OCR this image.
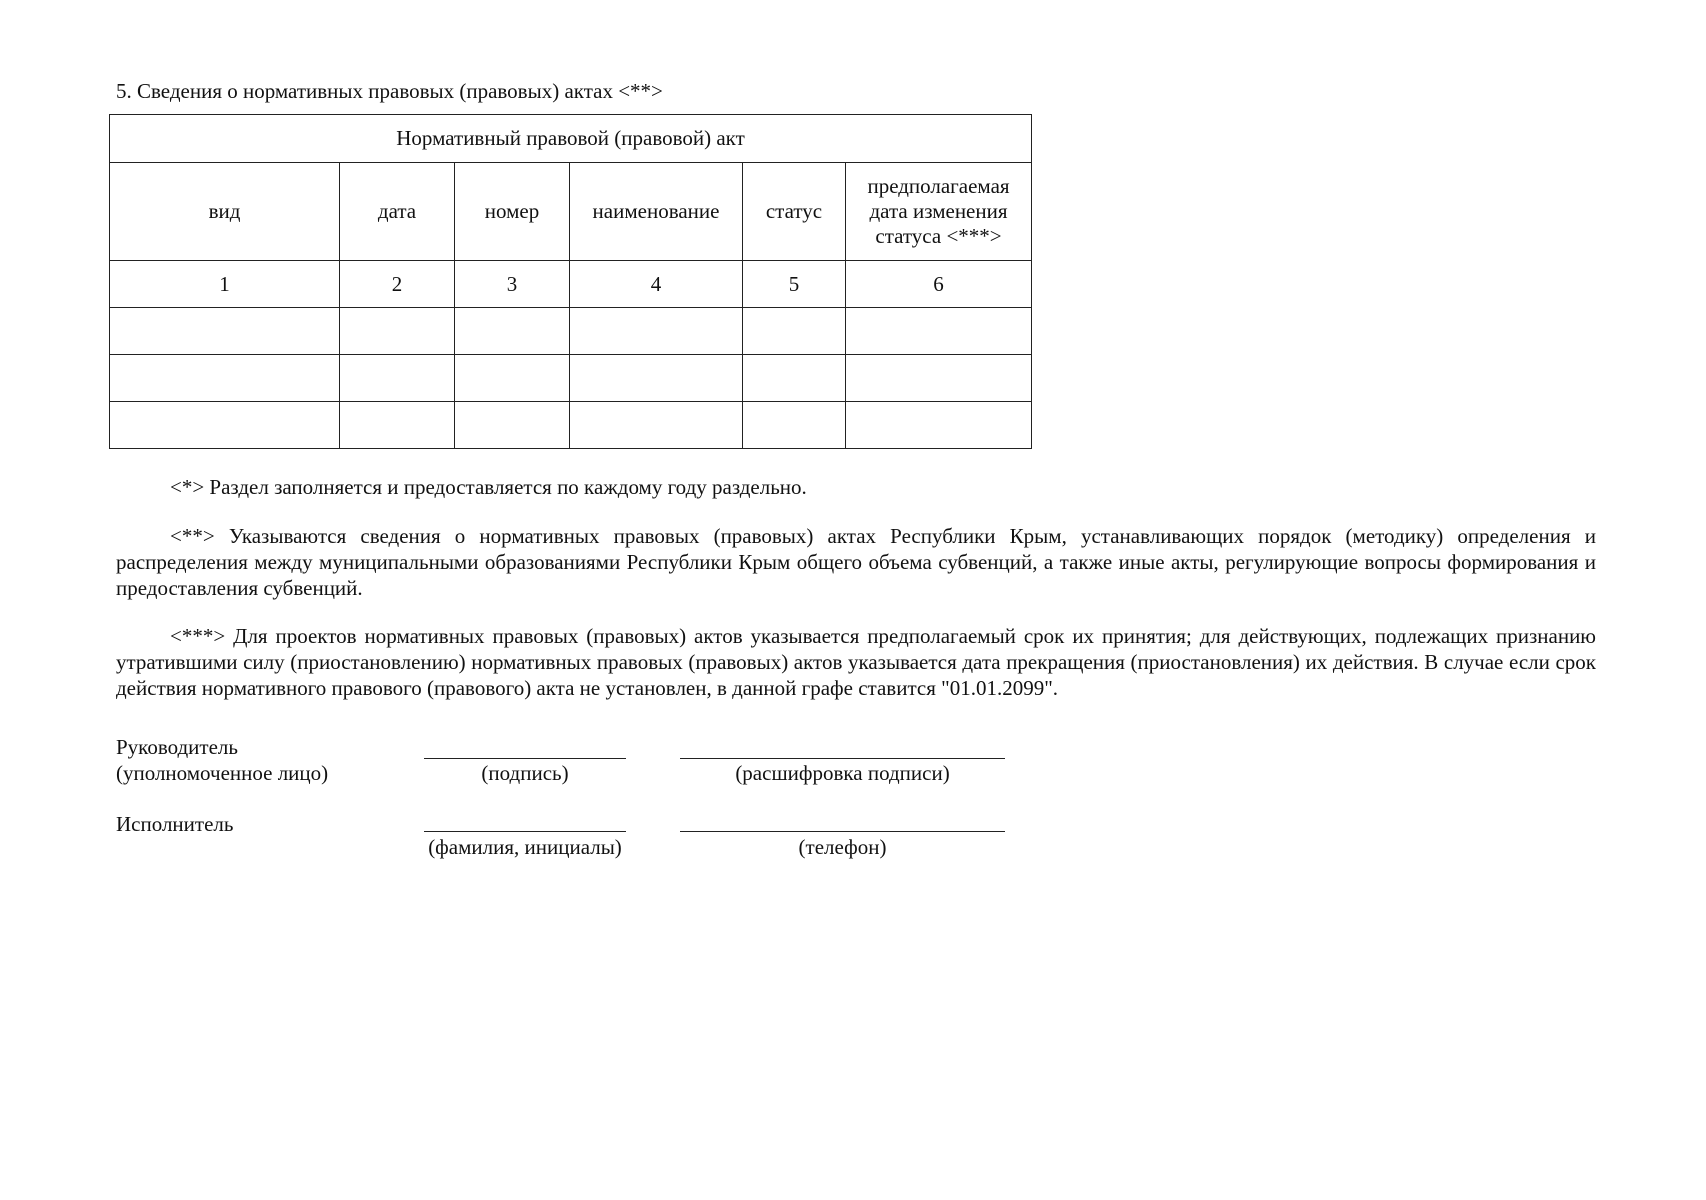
5. Сведения о нормативных правовых (правовых) актах <**>
Нормативный правовой (правовой) акт					
вид	дата	номер	наименование	статус	предполагаемая дата изменения статуса <***>
1	2	3	4	5	6

<*> Раздел заполняется и предоставляется по каждому году раздельно.

<**> Указываются сведения о нормативных правовых (правовых) актах Республики Крым, устанавливающих порядок (методику) определения и распределения между муниципальными образованиями Республики Крым общего объема субвенций, а также иные акты, регулирующие вопросы формирования и предоставления субвенций.

<***> Для проектов нормативных правовых (правовых) актов указывается предполагаемый срок их принятия; для действующих, подлежащих признанию утратившими силу (приостановлению) нормативных правовых (правовых) актов указывается дата прекращения (приостановления) их действия. В случае если срок действия нормативного правового (правового) акта не установлен, в данной графе ставится "01.01.2099".

Руководитель
(уполномоченное лицо)	(подпись)	(расшифровка подписи)
Исполнитель
(фамилия, инициалы)	(телефон)
